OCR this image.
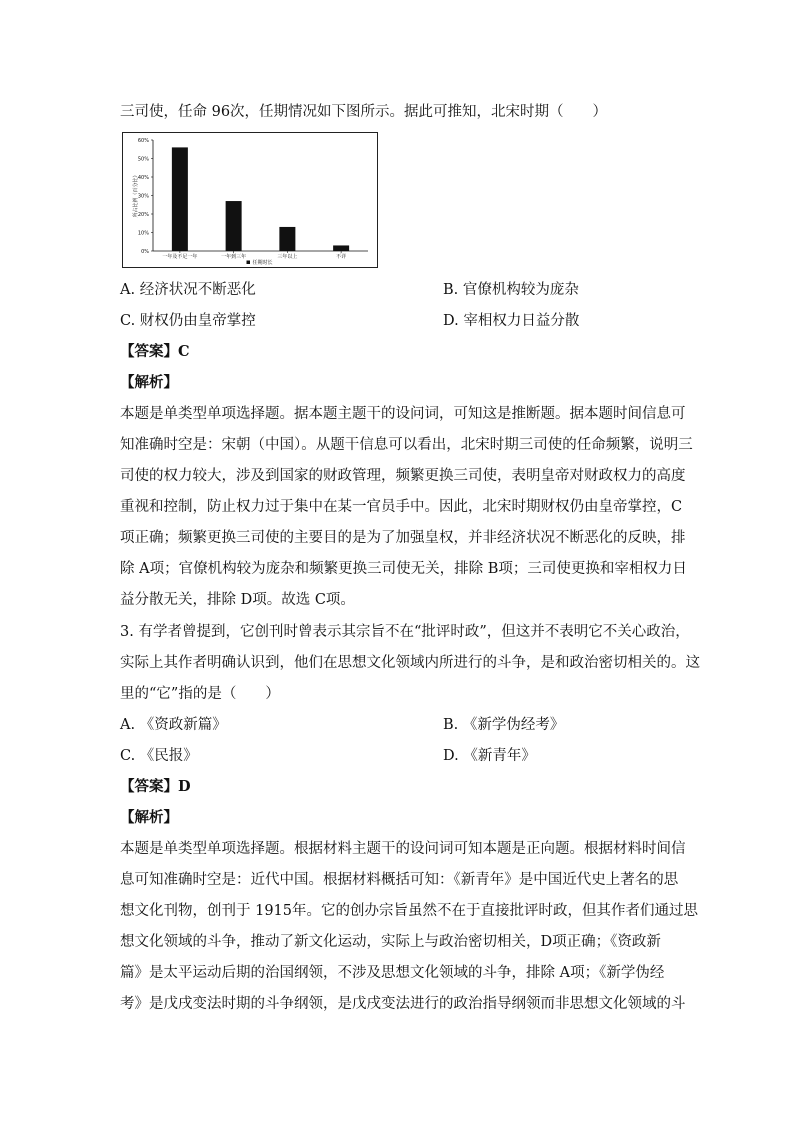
三司使，任命 96次，任期情况如下图所示。据此可推知，北宋时期（　　）
0%
10%
20%
30%
40%
50%
60%
所占比例（百分比）
一年及不足一年	一年到三年	三年以上	不详
任期时长
A. 经济状况不断恶化	B. 官僚机构较为庞杂
C. 财权仍由皇帝掌控	D. 宰相权力日益分散
【答案】C
【解析】
本题是单类型单项选择题。据本题主题干的设问词，可知这是推断题。据本题时间信息可
知准确时空是：宋朝（中国）。从题干信息可以看出，北宋时期三司使的任命频繁，说明三
司使的权力较大，涉及到国家的财政管理，频繁更换三司使，表明皇帝对财政权力的高度
重视和控制，防止权力过于集中在某一官员手中。因此，北宋时期财权仍由皇帝掌控，C
项正确；频繁更换三司使的主要目的是为了加强皇权，并非经济状况不断恶化的反映，排
除 A项；官僚机构较为庞杂和频繁更换三司使无关，排除 B项；三司使更换和宰相权力日
益分散无关，排除 D项。故选 C项。
3. 有学者曾提到，它创刊时曾表示其宗旨不在“批评时政”，但这并不表明它不关心政治，
实际上其作者明确认识到，他们在思想文化领域内所进行的斗争，是和政治密切相关的。这
里的“它”指的是（　　）
A. 《资政新篇》	B. 《新学伪经考》
C. 《民报》	D. 《新青年》
【答案】D
【解析】
本题是单类型单项选择题。根据材料主题干的设问词可知本题是正向题。根据材料时间信
息可知准确时空是：近代中国。根据材料概括可知：《新青年》是中国近代史上著名的思
想文化刊物，创刊于 1915年。它的创办宗旨虽然不在于直接批评时政，但其作者们通过思
想文化领域的斗争，推动了新文化运动，实际上与政治密切相关，D项正确；《资政新
篇》是太平运动后期的治国纲领，不涉及思想文化领域的斗争，排除 A项；《新学伪经
考》是戊戌变法时期的斗争纲领，是戊戌变法进行的政治指导纲领而非思想文化领域的斗
